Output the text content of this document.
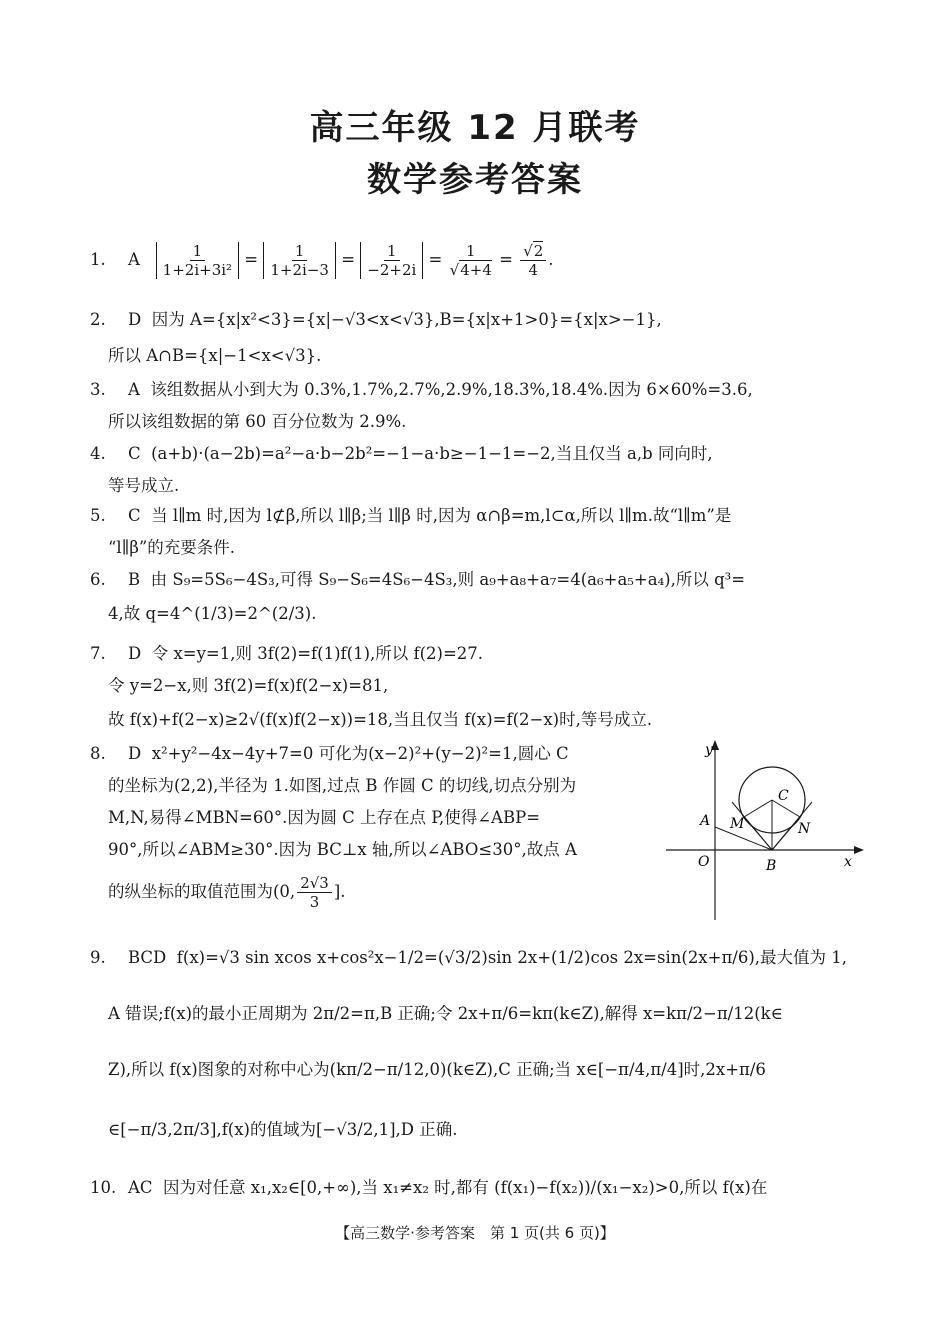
高三年级 12 月联考
数学参考答案
1. A $\frac{1}{\text{1+2i+3i²}} = \frac{1}{1+2i-3} = \frac{1}{-2+2i} = \frac{1}{√4+4} = \frac{√2}{4}$ .
2. D 因为 A={x|x²<3}={x|−√3<x<√3},B={x|x+1>0}={x|x>−1},
所以 A∩B={x|−1<x<√3}.
3. A 该组数据从小到大为 0.3%,1.7%,2.7%,2.9%,18.3%,18.4%.因为 6×60%=3.6,
所以该组数据的第 60 百分位数为 2.9%.
4. C (a+b)·(a−2b)=a²−a·b−2b²=−1−a·b≥−1−1=−2,当且仅当 a,b 同向时,
等号成立.
5. C 当 l∥m 时,因为 l⊄β,所以 l∥β;当 l∥β 时,因为 α∩β=m,l⊂α,所以 l∥m.故“l∥m”是
“l∥β”的充要条件.
6. B 由 S₉=5S₆−4S₃,可得 S₉−S₆=4S₆−4S₃,则 a₉+a₈+a₇=4(a₆+a₅+a₄),所以 q³=
4,故 q=4^(1/3)=2^(2/3).
7. D 令 x=y=1,则 3f(2)=f(1)f(1),所以 f(2)=27.
令 y=2−x,则 3f(2)=f(x)f(2−x)=81,
故 f(x)+f(2−x)≥2√(f(x)f(2−x))=18,当且仅当 f(x)=f(2−x)时,等号成立.
8. D x²+y²−4x−4y+7=0 可化为(x−2)²+(y−2)²=1,圆心 C
的坐标为(2,2),半径为 1.如图,过点 B 作圆 C 的切线,切点分别为
M,N,易得∠MBN=60°.因为圆 C 上存在点 P,使得∠ABP=
90°,所以∠ABM≥30°.因为 BC⊥x 轴,所以∠ABO≤30°,故点 A
的纵坐标的取值范围为(0, $\frac{2√3}{3}$ ].
y
x
O
A
B
C
M	N
9. BCD f(x)=√3 sin xcos x+cos²x−1/2=(√3/2)sin 2x+(1/2)cos 2x=sin(2x+π/6),最大值为 1,
A 错误;f(x)的最小正周期为 2π/2=π,B 正确;令 2x+π/6=kπ(k∈Z),解得 x=kπ/2−π/12(k∈
Z),所以 f(x)图象的对称中心为(kπ/2−π/12,0)(k∈Z),C 正确;当 x∈[−π/4,π/4]时,2x+π/6
∈[−π/3,2π/3],f(x)的值域为[−√3/2,1],D 正确.
10. AC 因为对任意 x₁,x₂∈[0,+∞),当 x₁≠x₂ 时,都有 (f(x₁)−f(x₂))/(x₁−x₂)>0,所以 f(x)在
【高三数学·参考答案　第 1 页(共 6 页)】
